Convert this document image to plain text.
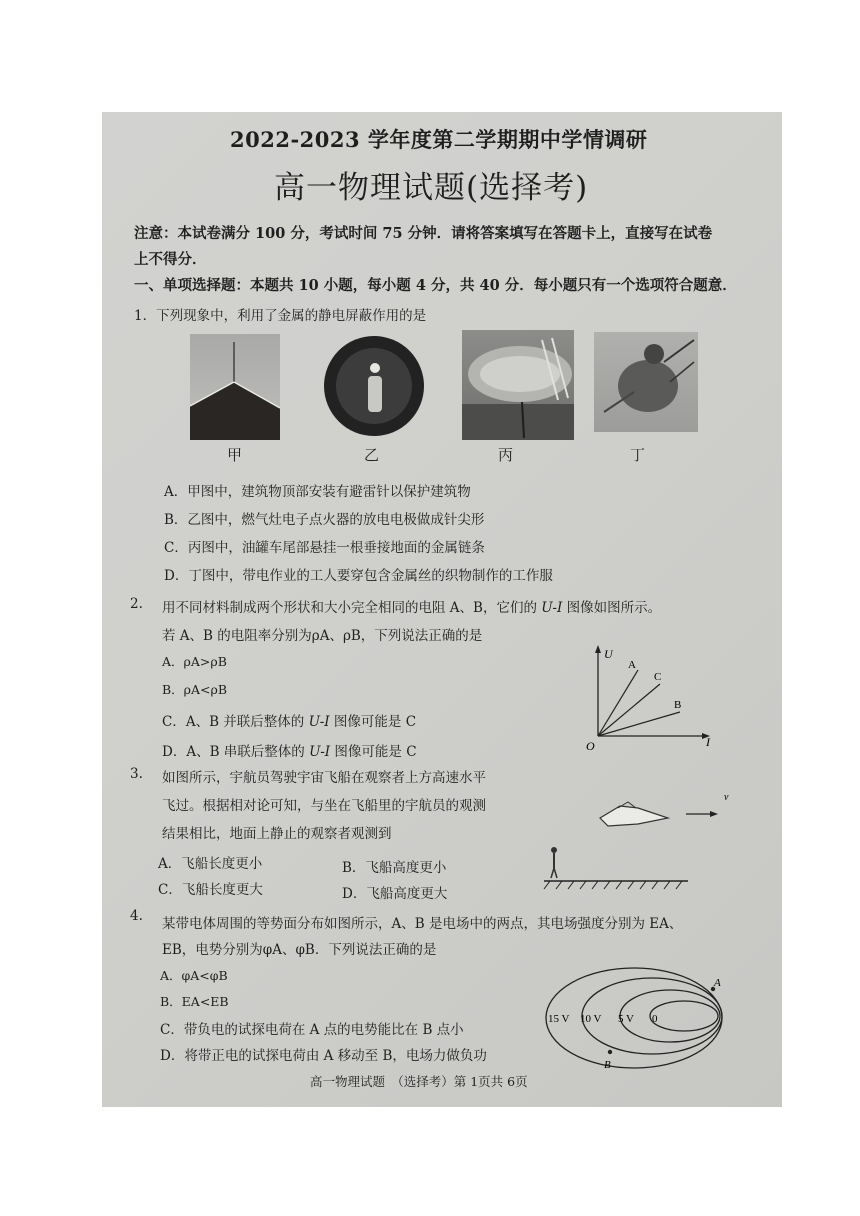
2022-2023 学年度第二学期期中学情调研
高一物理试题(选择考)
注意：本试卷满分 100 分，考试时间 75 分钟．请将答案填写在答题卡上，直接写在试卷
上不得分．
一、单项选择题：本题共 10 小题，每小题 4 分，共 40 分．每小题只有一个选项符合题意．
1．下列现象中，利用了金属的静电屏蔽作用的是
甲	乙	丙	丁
A．甲图中，建筑物顶部安装有避雷针以保护建筑物
B．乙图中，燃气灶电子点火器的放电电极做成针尖形
C．丙图中，油罐车尾部悬挂一根垂接地面的金属链条
D．丁图中，带电作业的工人要穿包含金属丝的织物制作的工作服
2. 用不同材料制成两个形状和大小完全相同的电阻 A、B，它们的 U-I 图像如图所示。
若 A、B 的电阻率分别为ρA、ρB，下列说法正确的是
A．ρA>ρB
B．ρA<ρB
C．A、B 并联后整体的 U-I 图像可能是 C
D．A、B 串联后整体的 U-I 图像可能是 C
U
I
O
A
C
B
3. 如图所示，宇航员驾驶宇宙飞船在观察者上方高速水平
飞过。根据相对论可知，与坐在飞船里的宇航员的观测
结果相比，地面上静止的观察者观测到
A．飞船长度更小	B．飞船高度更小
C．飞船长度更大	D．飞船高度更大
v
4. 某带电体周围的等势面分布如图所示，A、B 是电场中的两点，其电场强度分别为 EA、
EB，电势分别为φA、φB．下列说法正确的是
A．φA<φB
B．EA<EB
C．带负电的试探电荷在 A 点的电势能比在 B 点小
D．将带正电的试探电荷由 A 移动至 B，电场力做负功
15 V 10 V 5 V 0
A
B
高一物理试题　（选择考）第 1页共 6页
